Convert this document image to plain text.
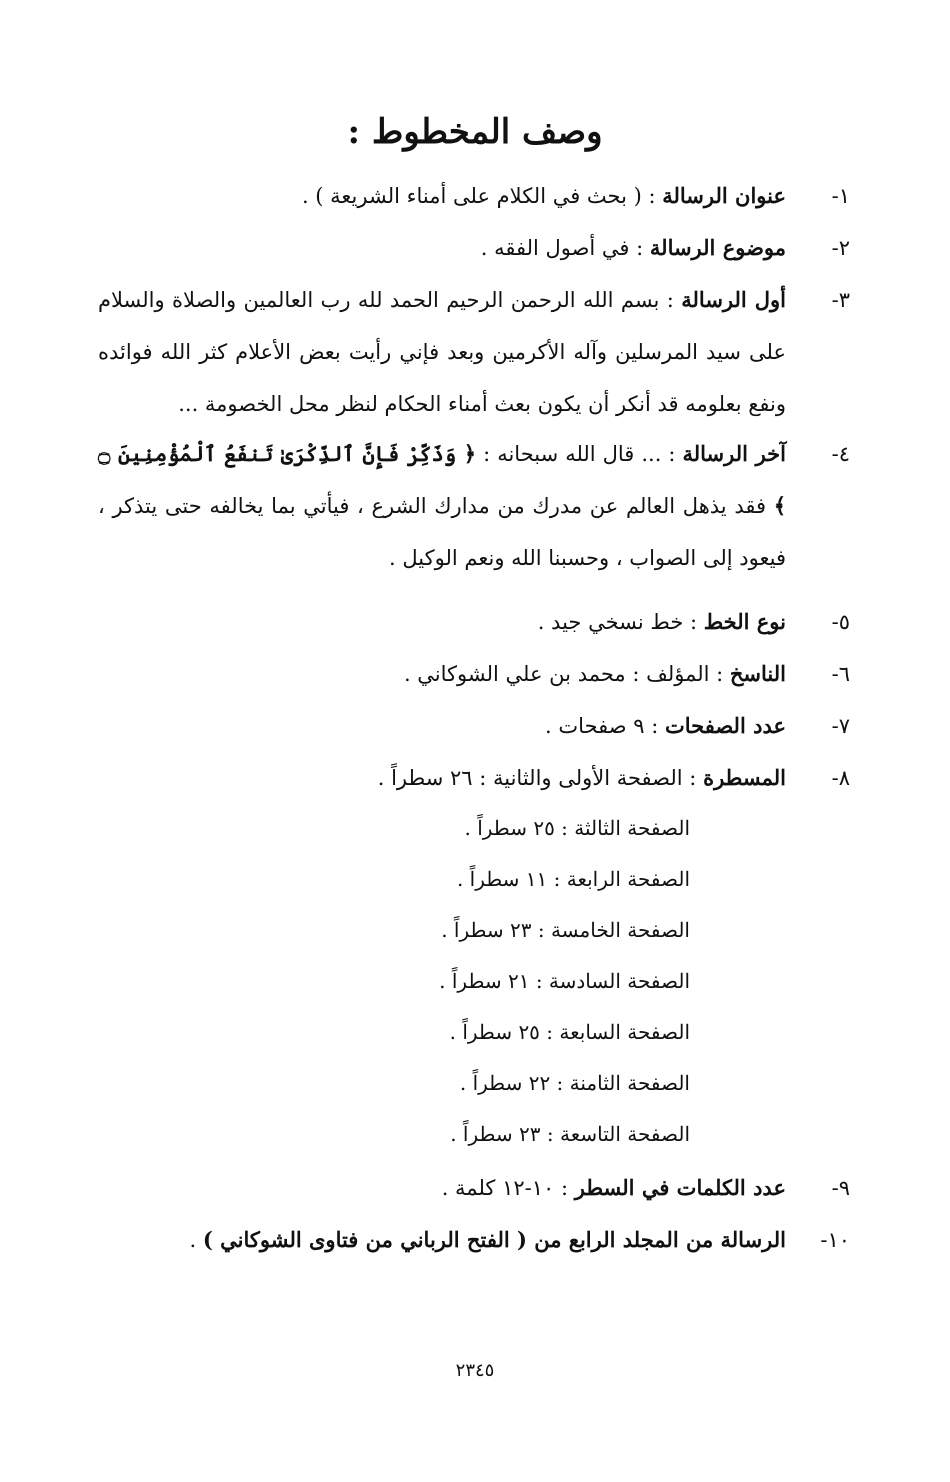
وصف المخطوط :
١-
عنوان الرسالة : ( بحث في الكلام على أمناء الشريعة ) .
٢-
موضوع الرسالة : في أصول الفقه .
٣-
أول الرسالة : بسم الله الرحمن الرحيم الحمد لله رب العالمين والصلاة والسلام على سيد المرسلين وآله الأكرمين وبعد فإني رأيت بعض الأعلام كثر الله فوائده ونفع بعلومه قد أنكر أن يكون بعث أمناء الحكام لنظر محل الخصومة ...
٤-
آخر الرسالة : ... قال الله سبحانه : ﴿ وَذَكِّرْ فَإِنَّ ٱلذِّكْرَىٰ تَنفَعُ ٱلْمُؤْمِنِينَ ۝ ﴾ فقد يذهل العالم عن مدرك من مدارك الشرع ، فيأتي بما يخالفه حتى يتذكر ، فيعود إلى الصواب ، وحسبنا الله ونعم الوكيل .
٥-
نوع الخط : خط نسخي جيد .
٦-
الناسخ : المؤلف : محمد بن علي الشوكاني .
٧-
عدد الصفحات : ٩ صفحات .
٨-
المسطرة : الصفحة الأولى والثانية : ٢٦ سطراً .
الصفحة الثالثة : ٢٥ سطراً .
الصفحة الرابعة : ١١ سطراً .
الصفحة الخامسة : ٢٣ سطراً .
الصفحة السادسة : ٢١ سطراً .
الصفحة السابعة : ٢٥ سطراً .
الصفحة الثامنة : ٢٢ سطراً .
الصفحة التاسعة : ٢٣ سطراً .
٩-
عدد الكلمات في السطر : ١٠-١٢ كلمة .
١٠-
الرسالة من المجلد الرابع من ( الفتح الرباني من فتاوى الشوكاني ) .
٢٣٤٥
